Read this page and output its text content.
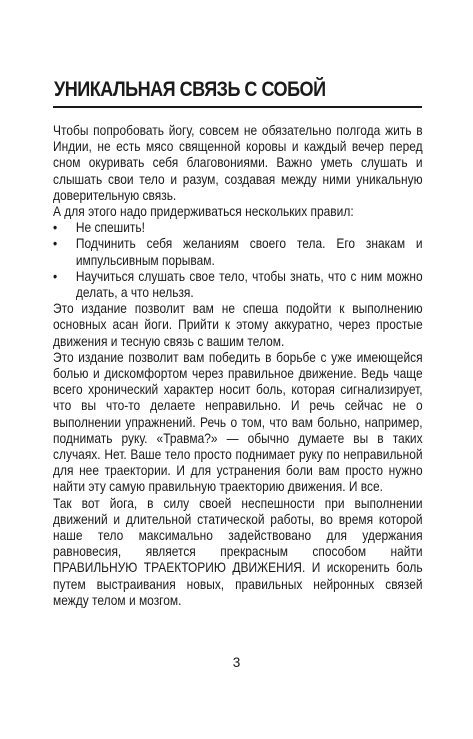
УНИКАЛЬНАЯ СВЯЗЬ С СОБОЙ

Чтобы попробовать йогу, совсем не обязательно полгода жить в Индии, не есть мясо священной коровы и каждый вечер перед сном окуривать себя благовониями. Важно уметь слушать и слышать свои тело и разум, создавая между ними уникальную доверительную связь.

А для этого надо придерживаться нескольких правил:

• Не спешить!

• Подчинить себя желаниям своего тела. Его знакам и импульсивным порывам.

• Научиться слушать свое тело, чтобы знать, что с ним можно делать, а что нельзя.

Это издание позволит вам не спеша подойти к выполнению основных асан йоги. Прийти к этому аккуратно, через простые движения и тесную связь с вашим телом.

Это издание позволит вам победить в борьбе с уже имеющейся болью и дискомфортом через правильное движение. Ведь чаще всего хронический характер носит боль, которая сигнализирует, что вы что-то делаете неправильно. И речь сейчас не о выполнении упражнений. Речь о том, что вам больно, например, поднимать руку. «Травма?» — обычно думаете вы в таких случаях. Нет. Ваше тело просто поднимает руку по неправильной для нее траектории. И для устранения боли вам просто нужно найти эту самую правильную траекторию движения. И все.

Так вот йога, в силу своей неспешности при выполнении движений и длительной статической работы, во время которой наше тело максимально задействовано для удержания равновесия, является прекрасным способом найти ПРАВИЛЬНУЮ ТРАЕКТОРИЮ ДВИЖЕНИЯ. И искоренить боль путем выстраивания новых, правильных нейронных связей между телом и мозгом.

3
